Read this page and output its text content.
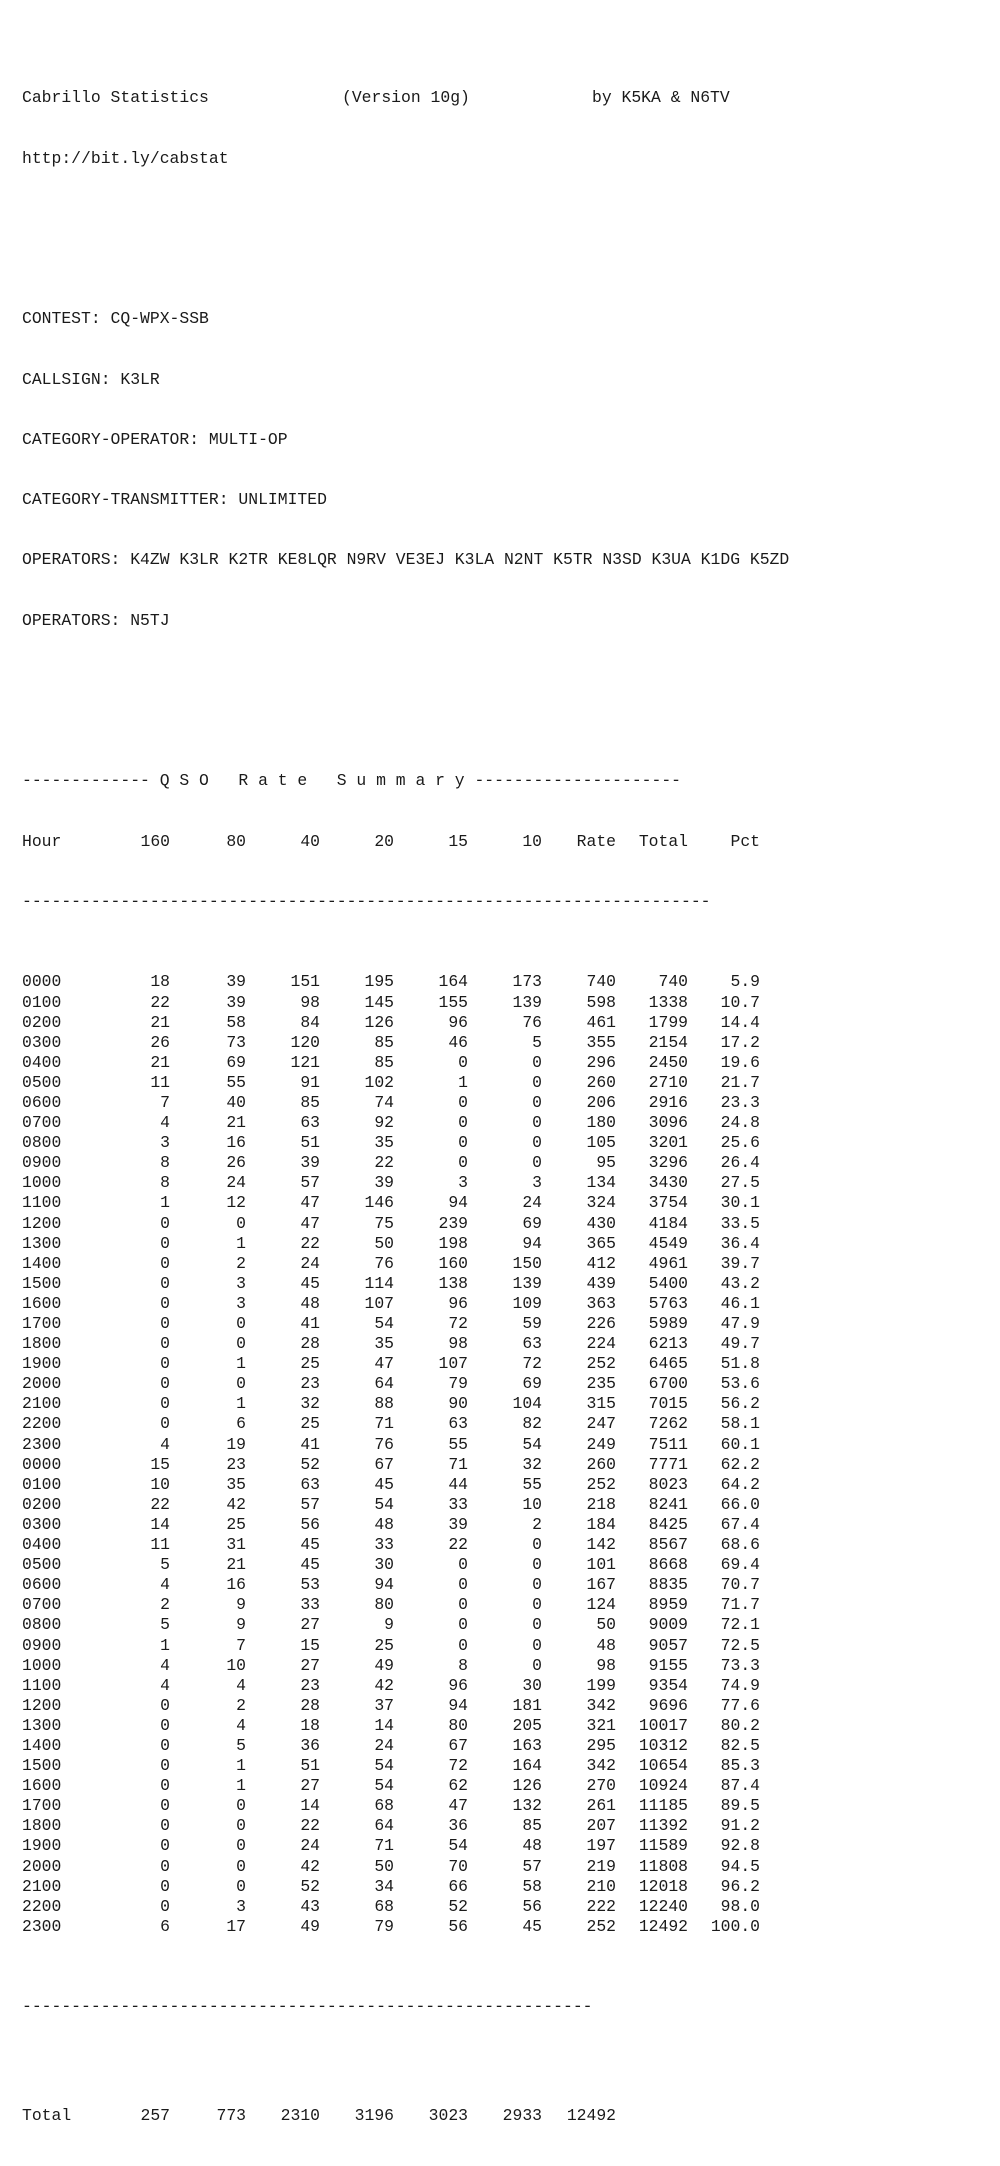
Cabrillo Statistics

	(Version 10g)

	by K5KA & N6TV

http://bit.ly/cabstat

CONTEST: CQ-WPX-SSB

CALLSIGN: K3LR

CATEGORY-OPERATOR: MULTI-OP

CATEGORY-TRANSMITTER: UNLIMITED

OPERATORS: K4ZW K3LR K2TR KE8LQR N9RV VE3EJ K3LA N2NT K5TR N3SD K3UA K1DG K5ZD

OPERATORS: N5TJ

------------- Q S O   R a t e   S u m m a r y ---------------------

Hour	160	80	40	20	15	10 Rate Total	Pct

----------------------------------------------------------------------

0000	18	39	151	195	164	173	740	740	5.9
0100	22	39	98	145	155	139	598 1338 10.7
0200	21	58	84	126	96	76	461 1799 14.4
0300	26	73	120	85	46	5	355 2154 17.2
0400	21	69	121	85	0	0	296 2450 19.6
0500	11	55	91	102	1	0	260 2710 21.7
0600	7	40	85	74	0	0	206 2916 23.3
0700	4	21	63	92	0	0	180 3096 24.8
0800	3	16	51	35	0	0	105 3201 25.6
0900	8	26	39	22	0	0	95 3296 26.4
1000	8	24	57	39	3	3	134 3430 27.5
1100	1	12	47	146	94	24	324 3754 30.1
1200	0	0	47	75	239	69	430 4184 33.5
1300	0	1	22	50	198	94	365 4549 36.4
1400	0	2	24	76	160	150	412 4961 39.7
1500	0	3	45	114	138	139	439 5400 43.2
1600	0	3	48	107	96	109	363 5763 46.1
1700	0	0	41	54	72	59	226 5989 47.9
1800	0	0	28	35	98	63	224 6213 49.7
1900	0	1	25	47	107	72	252 6465 51.8
2000	0	0	23	64	79	69	235 6700 53.6
2100	0	1	32	88	90	104	315 7015 56.2
2200	0	6	25	71	63	82	247 7262 58.1
2300	4	19	41	76	55	54	249 7511 60.1
0000	15	23	52	67	71	32	260 7771 62.2
0100	10	35	63	45	44	55	252 8023 64.2
0200	22	42	57	54	33	10	218 8241 66.0
0300	14	25	56	48	39	2	184 8425 67.4
0400	11	31	45	33	22	0	142 8567 68.6
0500	5	21	45	30	0	0	101 8668 69.4
0600	4	16	53	94	0	0	167 8835 70.7
0700	2	9	33	80	0	0	124 8959 71.7
0800	5	9	27	9	0	0	50 9009 72.1
0900	1	7	15	25	0	0	48 9057 72.5
1000	4	10	27	49	8	0	98 9155 73.3
1100	4	4	23	42	96	30	199 9354 74.9
1200	0	2	28	37	94	181	342 9696 77.6
1300	0	4	18	14	80	205	321 10017 80.2
1400	0	5	36	24	67	163	295 10312 82.5
1500	0	1	51	54	72	164	342 10654 85.3
1600	0	1	27	54	62	126	270 10924 87.4
1700	0	0	14	68	47	132	261 11185 89.5
1800	0	0	22	64	36	85	207 11392 91.2
1900	0	0	24	71	54	48	197 11589 92.8
2000	0	0	42	50	70	57	219 11808 94.5
2100	0	0	52	34	66	58	210 12018 96.2
2200	0	3	43	68	52	56	222 12240 98.0
2300	6	17	49	79	56	45	252 12492 100.0

----------------------------------------------------------

Total	257	773 2310 3196 3023 2933 12492
